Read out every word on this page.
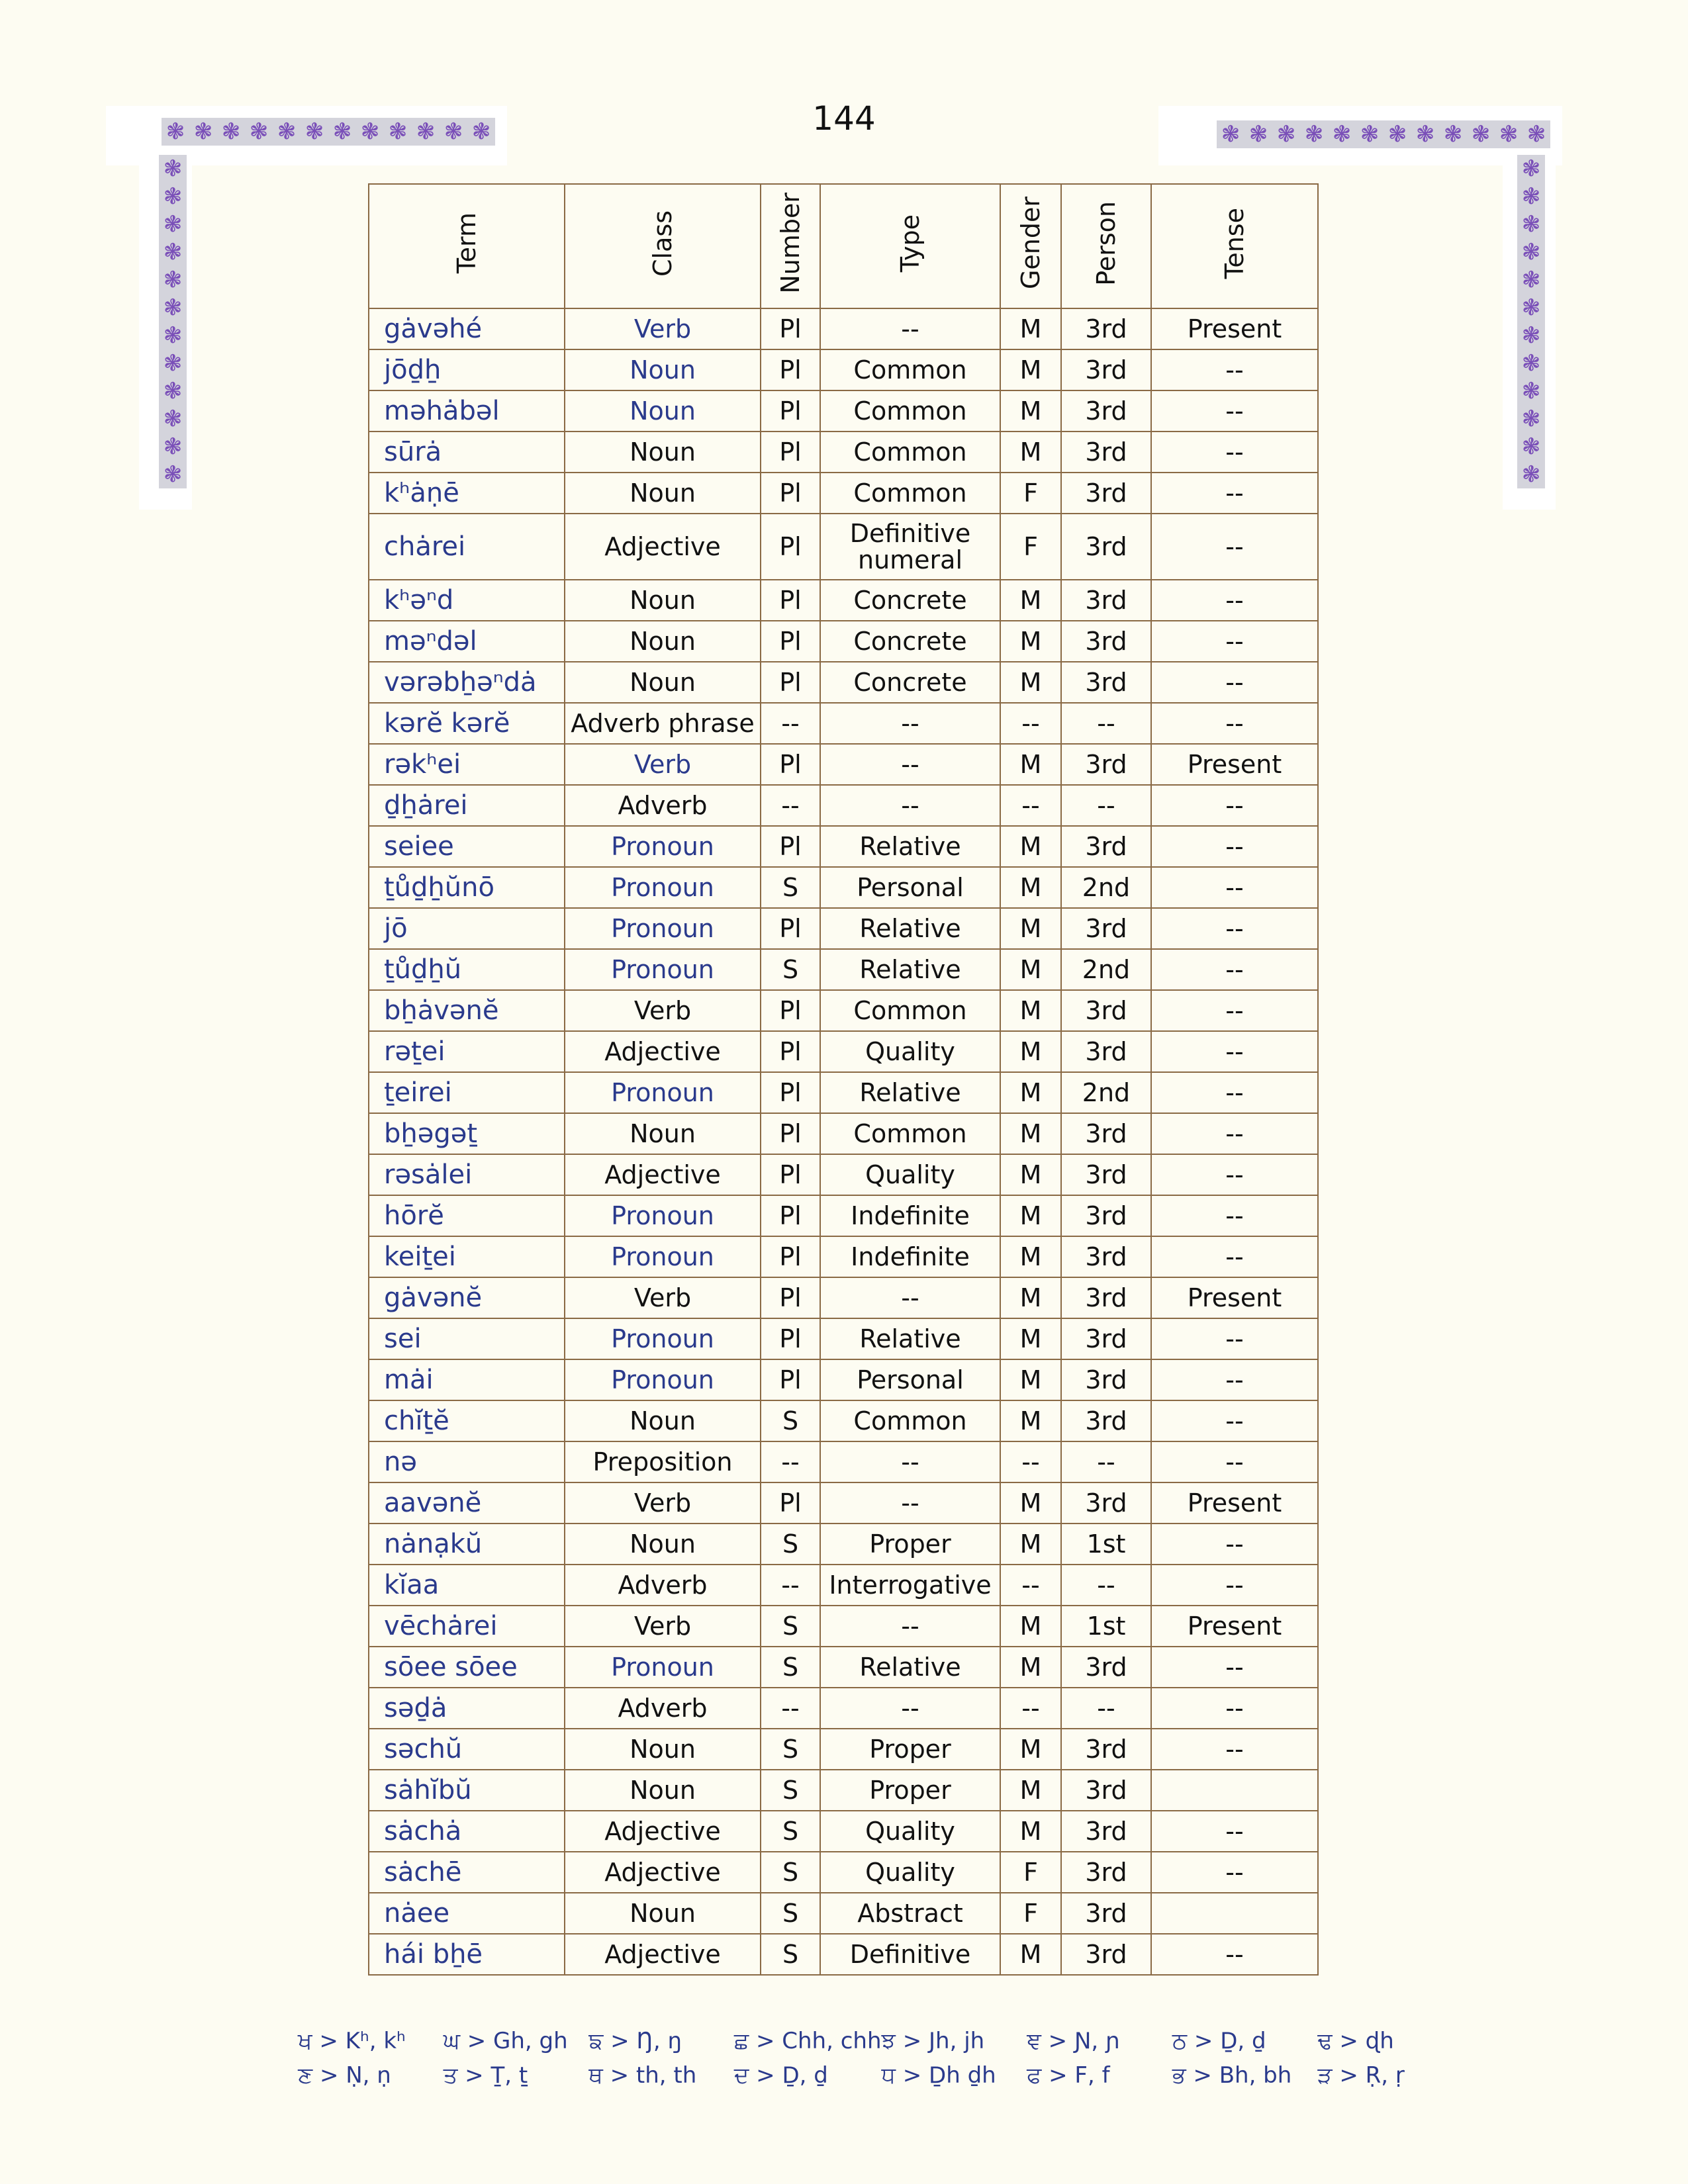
144
❃ ❃ ❃ ❃ ❃ ❃ ❃ ❃ ❃ ❃ ❃ ❃
❃
❃
❃
❃
❃
❃
❃
❃
❃
❃
❃
❃
❃ ❃ ❃ ❃ ❃ ❃ ❃ ❃ ❃ ❃ ❃ ❃
❃
❃
❃
❃
❃
❃
❃
❃
❃
❃
❃
❃
Term	Class	Number	Type	Gender	Person	Tense
gȧvəhé	Verb	Pl	--	M	3rd	Present
jōḏẖ	Noun	Pl	Common	M	3rd	--
məhȧbəl	Noun	Pl	Common	M	3rd	--
sūrȧ	Noun	Pl	Common	M	3rd	--
kʰȧṇē	Noun	Pl	Common	F	3rd	--
chȧrei	Adjective	Pl	Definitive numeral	F	3rd	--
kʰəⁿd	Noun	Pl	Concrete	M	3rd	--
məⁿdəl	Noun	Pl	Concrete	M	3rd	--
vərəbẖəⁿdȧ	Noun	Pl	Concrete	M	3rd	--
kərĕ kərĕ	Adverb phrase	--	--	--	--	--
rəkʰei	Verb	Pl	--	M	3rd	Present
ḏẖȧrei	Adverb	--	--	--	--	--
seiee	Pronoun	Pl	Relative	M	3rd	--
ṯůḏẖŭnō	Pronoun	S	Personal	M	2nd	--
jō	Pronoun	Pl	Relative	M	3rd	--
ṯůḏẖŭ	Pronoun	S	Relative	M	2nd	--
bẖȧvənĕ	Verb	Pl	Common	M	3rd	--
rəṯei	Adjective	Pl	Quality	M	3rd	--
ṯeirei	Pronoun	Pl	Relative	M	2nd	--
bẖəgəṯ	Noun	Pl	Common	M	3rd	--
rəsȧlei	Adjective	Pl	Quality	M	3rd	--
hōrĕ	Pronoun	Pl	Indefinite	M	3rd	--
keiṯei	Pronoun	Pl	Indefinite	M	3rd	--
gȧvənĕ	Verb	Pl	--	M	3rd	Present
sei	Pronoun	Pl	Relative	M	3rd	--
mȧi	Pronoun	Pl	Personal	M	3rd	--
chĭṯĕ	Noun	S	Common	M	3rd	--
nə	Preposition	--	--	--	--	--
aavənĕ	Verb	Pl	--	M	3rd	Present
nȧnạkŭ	Noun	S	Proper	M	1st	--
kĭaa	Adverb	--	Interrogative	--	--	--
vēchȧrei	Verb	S	--	M	1st	Present
sōee sōee	Pronoun	S	Relative	M	3rd	--
səḏȧ	Adverb	--	--	--	--	--
səchŭ	Noun	S	Proper	M	3rd	--
sȧhĭbŭ	Noun	S	Proper	M	3rd	
sȧchȧ	Adjective	S	Quality	M	3rd	--
sȧchē	Adjective	S	Quality	F	3rd	--
nȧee	Noun	S	Abstract	F	3rd	
hái bẖē	Adjective	S	Definitive	M	3rd	--
ਖ > Kʰ, kʰ	ਘ > Gh, gh ਙ > Ŋ, ŋ	ਛ > Chh, chh ਝ > Jh, jh	ਞ > Ɲ, ɲ	ਠ > Ḏ, ḏ	ਢ > ɖh
ਣ > Ṇ, ṇ	ਤ > Ṯ, ṯ	ਥ > th, th	ਦ > Ḏ, ḏ	ਧ > Ḏh ḏh	ਫ > F, f	ਭ > Bh, bh	ੜ > Ṛ, ṛ
